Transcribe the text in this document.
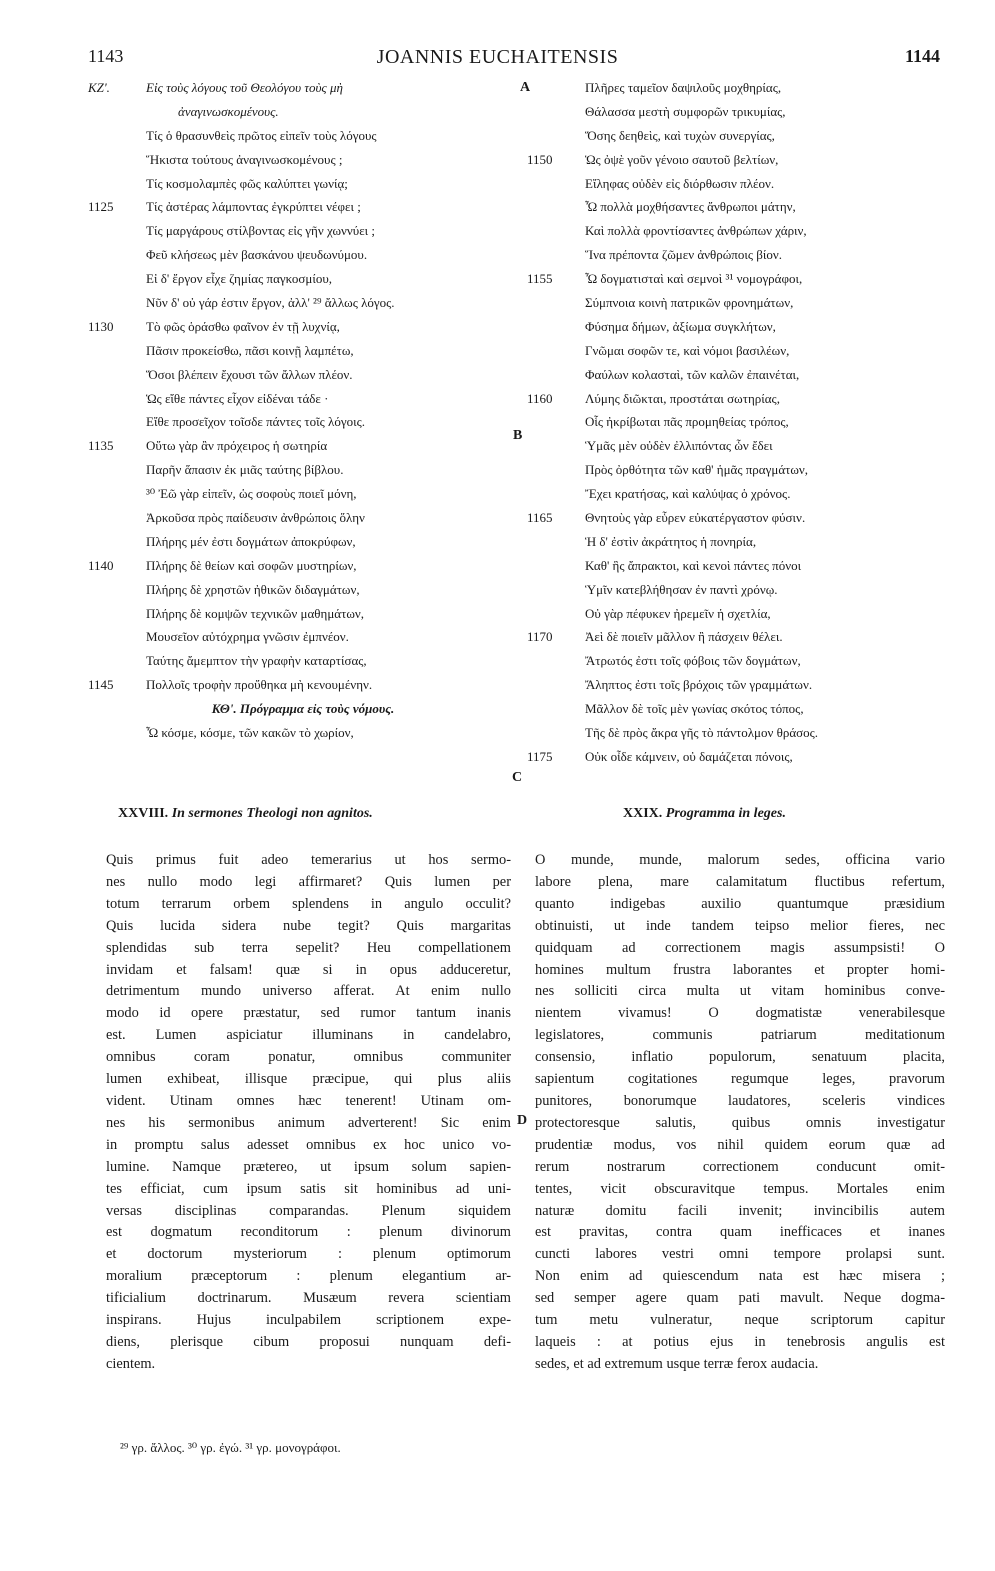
1143	JOANNIS EUCHAITENSIS	1144
A
B
C
D
KZ'.	Εἰς τοὺς λόγους τοῦ Θεολόγου τοὺς μὴ
ἀναγινωσκομένους.
Τίς ὁ θρασυνθεὶς πρῶτος εἰπεῖν τοὺς λόγους
Ἥκιστα τούτους ἀναγινωσκομένους ;
Τίς κοσμολαμπὲς φῶς καλύπτει γωνίᾳ;
1125	Τίς ἀστέρας λάμποντας ἐγκρύπτει νέφει ;
Τίς μαργάρους στίλβοντας εἰς γῆν χωννύει ;
Φεῦ κλήσεως μὲν βασκάνου ψευδωνύμου.
Εἰ δ' ἔργον εἶχε ζημίας παγκοσμίου,
Νῦν δ' οὐ γάρ ἐστιν ἔργον, ἀλλ' ²⁹ ἄλλως λόγος.
1130	Τὸ φῶς ὁράσθω φαῖνον ἐν τῇ λυχνίᾳ,
Πᾶσιν προκείσθω, πᾶσι κοινῇ λαμπέτω,
Ὅσοι βλέπειν ἔχουσι τῶν ἄλλων πλέον.
Ὡς εἴθε πάντες εἶχον εἰδέναι τάδε ·
Εἴθε προσεῖχον τοῖσδε πάντες τοῖς λόγοις.
1135	Οὕτω γὰρ ἂν πρόχειρος ἡ σωτηρία
Παρῆν ἅπασιν ἐκ μιᾶς ταύτης βίβλου.
³⁰ Ἐῶ γὰρ εἰπεῖν, ὡς σοφοὺς ποιεῖ μόνη,
Ἀρκοῦσα πρὸς παίδευσιν ἀνθρώποις ὅλην
Πλήρης μέν ἐστι δογμάτων ἀποκρύφων,
1140	Πλήρης δὲ θείων καὶ σοφῶν μυστηρίων,
Πλήρης δὲ χρηστῶν ἠθικῶν διδαγμάτων,
Πλήρης δὲ κομψῶν τεχνικῶν μαθημάτων,
Μουσεῖον αὐτόχρημα γνῶσιν ἐμπνέον.
Ταύτης ἄμεμπτον τὴν γραφὴν καταρτίσας,
1145	Πολλοῖς τροφὴν προὔθηκα μὴ κενουμένην.
ΚΘ'. Πρόγραμμα εἰς τοὺς νόμους.
Ὦ κόσμε, κόσμε, τῶν κακῶν τὸ χωρίον,
Πλῆρες ταμεῖον δαψιλοῦς μοχθηρίας,
Θάλασσα μεστὴ συμφορῶν τρικυμίας,
Ὅσης δεηθεὶς, καὶ τυχὼν συνεργίας,
1150	Ὡς ὀψὲ γοῦν γένοιο σαυτοῦ βελτίων,
Εἴληφας οὐδὲν εἰς διόρθωσιν πλέον.
Ὦ πολλὰ μοχθήσαντες ἄνθρωποι μάτην,
Καὶ πολλὰ φροντίσαντες ἀνθρώπων χάριν,
Ἵνα πρέποντα ζῶμεν ἀνθρώποις βίον.
1155	Ὦ δογματισταὶ καὶ σεμνοὶ ³¹ νομογράφοι,
Σύμπνοια κοινὴ πατρικῶν φρονημάτων,
Φύσημα δήμων, ἀξίωμα συγκλήτων,
Γνῶμαι σοφῶν τε, καὶ νόμοι βασιλέων,
Φαύλων κολασταὶ, τῶν καλῶν ἐπαινέται,
1160	Λύμης διῶκται, προστάται σωτηρίας,
Οἷς ἠκρίβωται πᾶς προμηθείας τρόπος,
Ὑμᾶς μὲν οὐδὲν ἐλλιπόντας ὧν ἔδει
Πρὸς ὀρθότητα τῶν καθ' ἡμᾶς πραγμάτων,
Ἔχει κρατήσας, καὶ καλύψας ὁ χρόνος.
1165	Θνητοὺς γὰρ εὗρεν εὐκατέργαστον φύσιν.
Ἡ δ' ἐστὶν ἀκράτητος ἡ πονηρία,
Καθ' ἣς ἄπρακτοι, καὶ κενοὶ πάντες πόνοι
Ὑμῖν κατεβλήθησαν ἐν παντὶ χρόνῳ.
Οὐ γὰρ πέφυκεν ἠρεμεῖν ἡ σχετλία,
1170	Ἀεὶ δὲ ποιεῖν μᾶλλον ἢ πάσχειν θέλει.
Ἄτρωτός ἐστι τοῖς φόβοις τῶν δογμάτων,
Ἄληπτος ἐστι τοῖς βρόχοις τῶν γραμμάτων.
Μᾶλλον δὲ τοῖς μὲν γωνίας σκότος τόπος,
Τῆς δὲ πρὸς ἄκρα γῆς τὸ πάντολμον θράσος.
1175	Οὐκ οἶδε κάμνειν, οὐ δαμάζεται πόνοις,
XXVIII. In sermones Theologi non agnitos.	XXIX. Programma in leges.
Quis primus fuit adeo temerarius ut hos sermo-
nes nullo modo legi affirmaret? Quis lumen per
totum terrarum orbem splendens in angulo occulit?
Quis lucida sidera nube tegit? Quis margaritas
splendidas sub terra sepelit? Heu compellationem
invidam et falsam! quæ si in opus adduceretur,
detrimentum mundo universo afferat. At enim nullo
modo id opere præstatur, sed rumor tantum inanis
est. Lumen aspiciatur illuminans in candelabro,
omnibus coram ponatur, omnibus communiter
lumen exhibeat, illisque præcipue, qui plus aliis
vident. Utinam omnes hæc tenerent! Utinam om-
nes his sermonibus animum adverterent! Sic enim
in promptu salus adesset omnibus ex hoc unico vo-
lumine. Namque prætereo, ut ipsum solum sapien-
tes efficiat, cum ipsum satis sit hominibus ad uni-
versas disciplinas comparandas. Plenum siquidem
est dogmatum reconditorum : plenum divinorum
et doctorum mysteriorum : plenum optimorum
moralium præceptorum : plenum elegantium ar-
tificialium doctrinarum. Musæum revera scientiam
inspirans. Hujus inculpabilem scriptionem expe-
diens, plerisque cibum proposui nunquam defi-
cientem.
O munde, munde, malorum sedes, officina vario
labore plena, mare calamitatum fluctibus refertum,
quanto indigebas auxilio quantumque præsidium
obtinuisti, ut inde tandem teipso melior fieres, nec
quidquam ad correctionem magis assumpsisti! O
homines multum frustra laborantes et propter homi-
nes solliciti circa multa ut vitam hominibus conve-
nientem vivamus! O dogmatistæ venerabilesque
legislatores, communis patriarum meditationum
consensio, inflatio populorum, senatuum placita,
sapientum cogitationes regumque leges, pravorum
punitores, bonorumque laudatores, sceleris vindices
protectoresque salutis, quibus omnis investigatur
prudentiæ modus, vos nihil quidem eorum quæ ad
rerum nostrarum correctionem conducunt omit-
tentes, vicit obscuravitque tempus. Mortales enim
naturæ domitu facili invenit; invincibilis autem
est pravitas, contra quam inefficaces et inanes
cuncti labores vestri omni tempore prolapsi sunt.
Non enim ad quiescendum nata est hæc misera ;
sed semper agere quam pati mavult. Neque dogma-
tum metu vulneratur, neque scriptorum capitur
laqueis : at potius ejus in tenebrosis angulis est
sedes, et ad extremum usque terræ ferox audacia.
²⁹ γρ. ἄλλος. ³⁰ γρ. ἐγώ. ³¹ γρ. μονογράφοι.
